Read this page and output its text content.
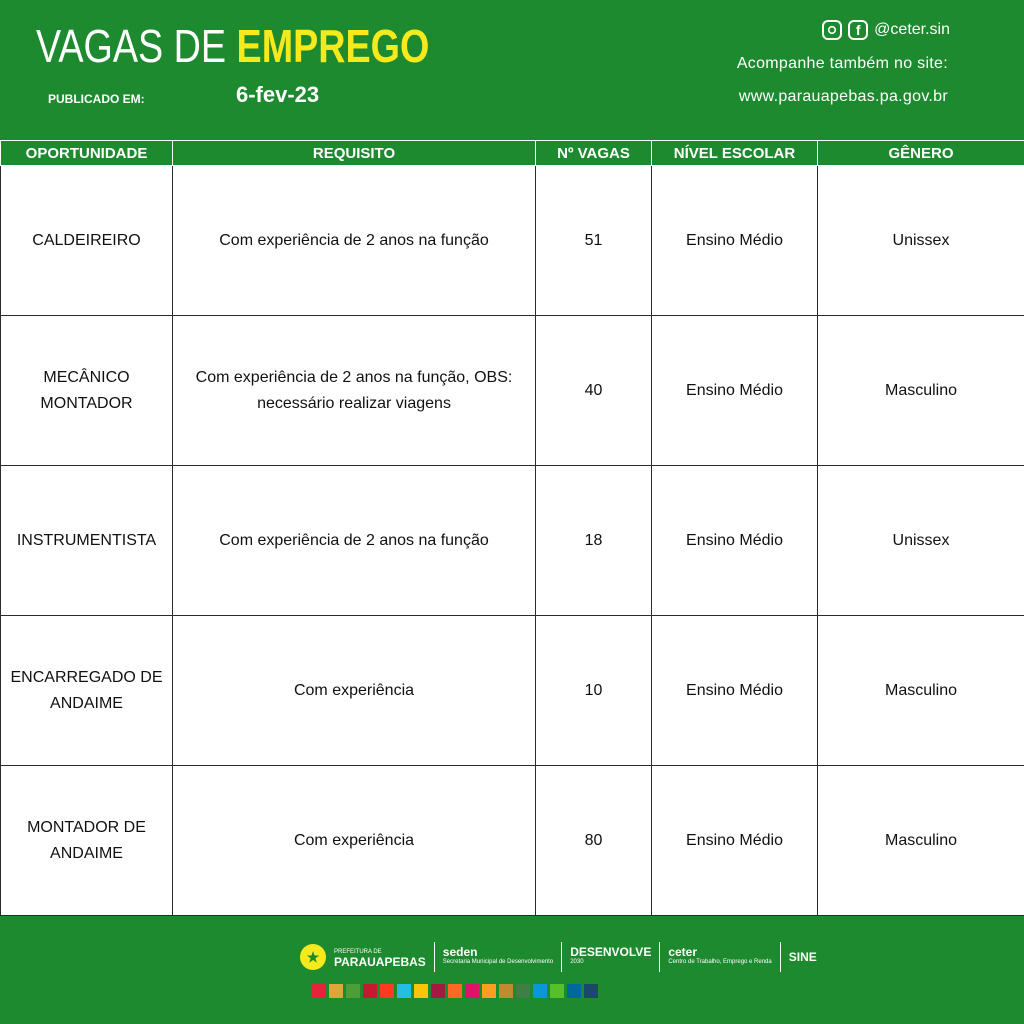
VAGAS DE EMPREGO
PUBLICADO EM:	6-fev-23
f @ceter.sin
Acompanhe também no site:
www.parauapebas.pa.gov.br
OPORTUNIDADE	REQUISITO	Nº VAGAS	NÍVEL ESCOLAR	GÊNERO
CALDEIREIRO	Com experiência de 2 anos na função	51	Ensino Médio	Unissex
MECÂNICO MONTADOR	Com experiência de 2 anos na função, OBS: necessário realizar viagens	40	Ensino Médio	Masculino
INSTRUMENTISTA	Com experiência de 2 anos na função	18	Ensino Médio	Unissex
ENCARREGADO DE ANDAIME	Com experiência	10	Ensino Médio	Masculino
MONTADOR DE ANDAIME	Com experiência	80	Ensino Médio	Masculino
★	PREFEITURA DE
PARAUAPEBAS
seden
Secretaria Municipal de Desenvolvimento
DESENVOLVE
2030
ceter
Centro de Trabalho, Emprego e Renda SINE
